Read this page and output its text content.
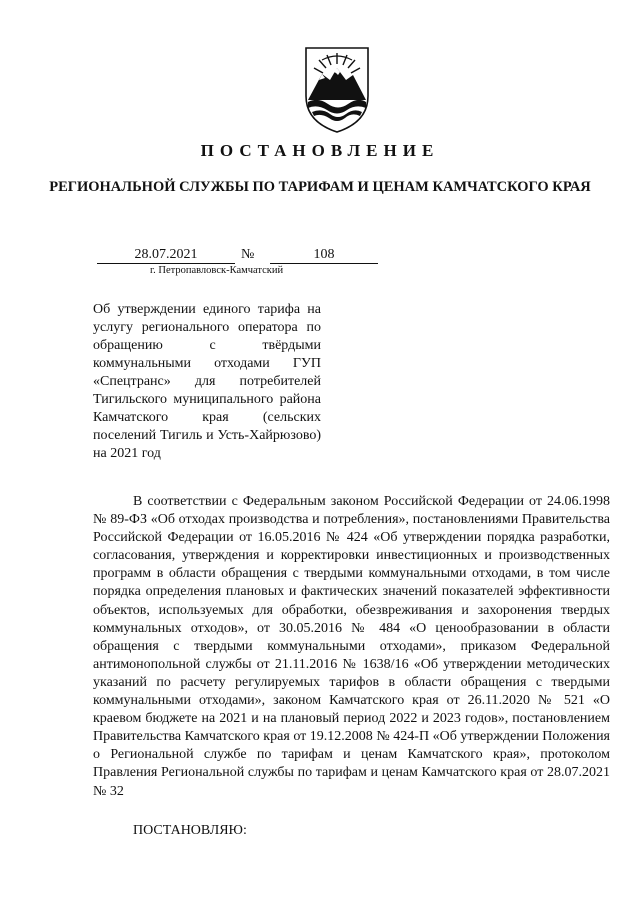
ПОСТАНОВЛЕНИЕ
РЕГИОНАЛЬНОЙ СЛУЖБЫ ПО ТАРИФАМ И ЦЕНАМ КАМЧАТСКОГО КРАЯ
28.07.2021	№	108
г. Петропавловск-Камчатский
Об утверждении единого тарифа на услугу регионального оператора по обращению с твёрдыми коммунальными отходами ГУП «Спецтранс» для потребителей Тигильского муниципального района Камчатского края (сельских поселений Тигиль и Усть-Хайрюзово) на 2021 год
В соответствии с Федеральным законом Российской Федерации от 24.06.1998 № 89-ФЗ «Об отходах производства и потребления», постановлениями Правительства Российской Федерации от 16.05.2016 № 424 «Об утверждении порядка разработки, согласования, утверждения и корректировки инвестиционных и производственных программ в области обращения с твердыми коммунальными отходами, в том числе порядка определения плановых и фактических значений показателей эффективности объектов, используемых для обработки, обезвреживания и захоронения твердых коммунальных отходов», от 30.05.2016 № 484 «О ценообразовании в области обращения с твердыми коммунальными отходами», приказом Федеральной антимонопольной службы от 21.11.2016 № 1638/16 «Об утверждении методических указаний по расчету регулируемых тарифов в области обращения с твердыми коммунальными отходами», законом Камчатского края от 26.11.2020 № 521 «О краевом бюджете на 2021 и на плановый период 2022 и 2023 годов», постановлением Правительства Камчатского края от 19.12.2008 № 424-П «Об утверждении Положения о Региональной службе по тарифам и ценам Камчатского края», протоколом Правления Региональной службы по тарифам и ценам Камчатского края от 28.07.2021 № 32
ПОСТАНОВЛЯЮ:
